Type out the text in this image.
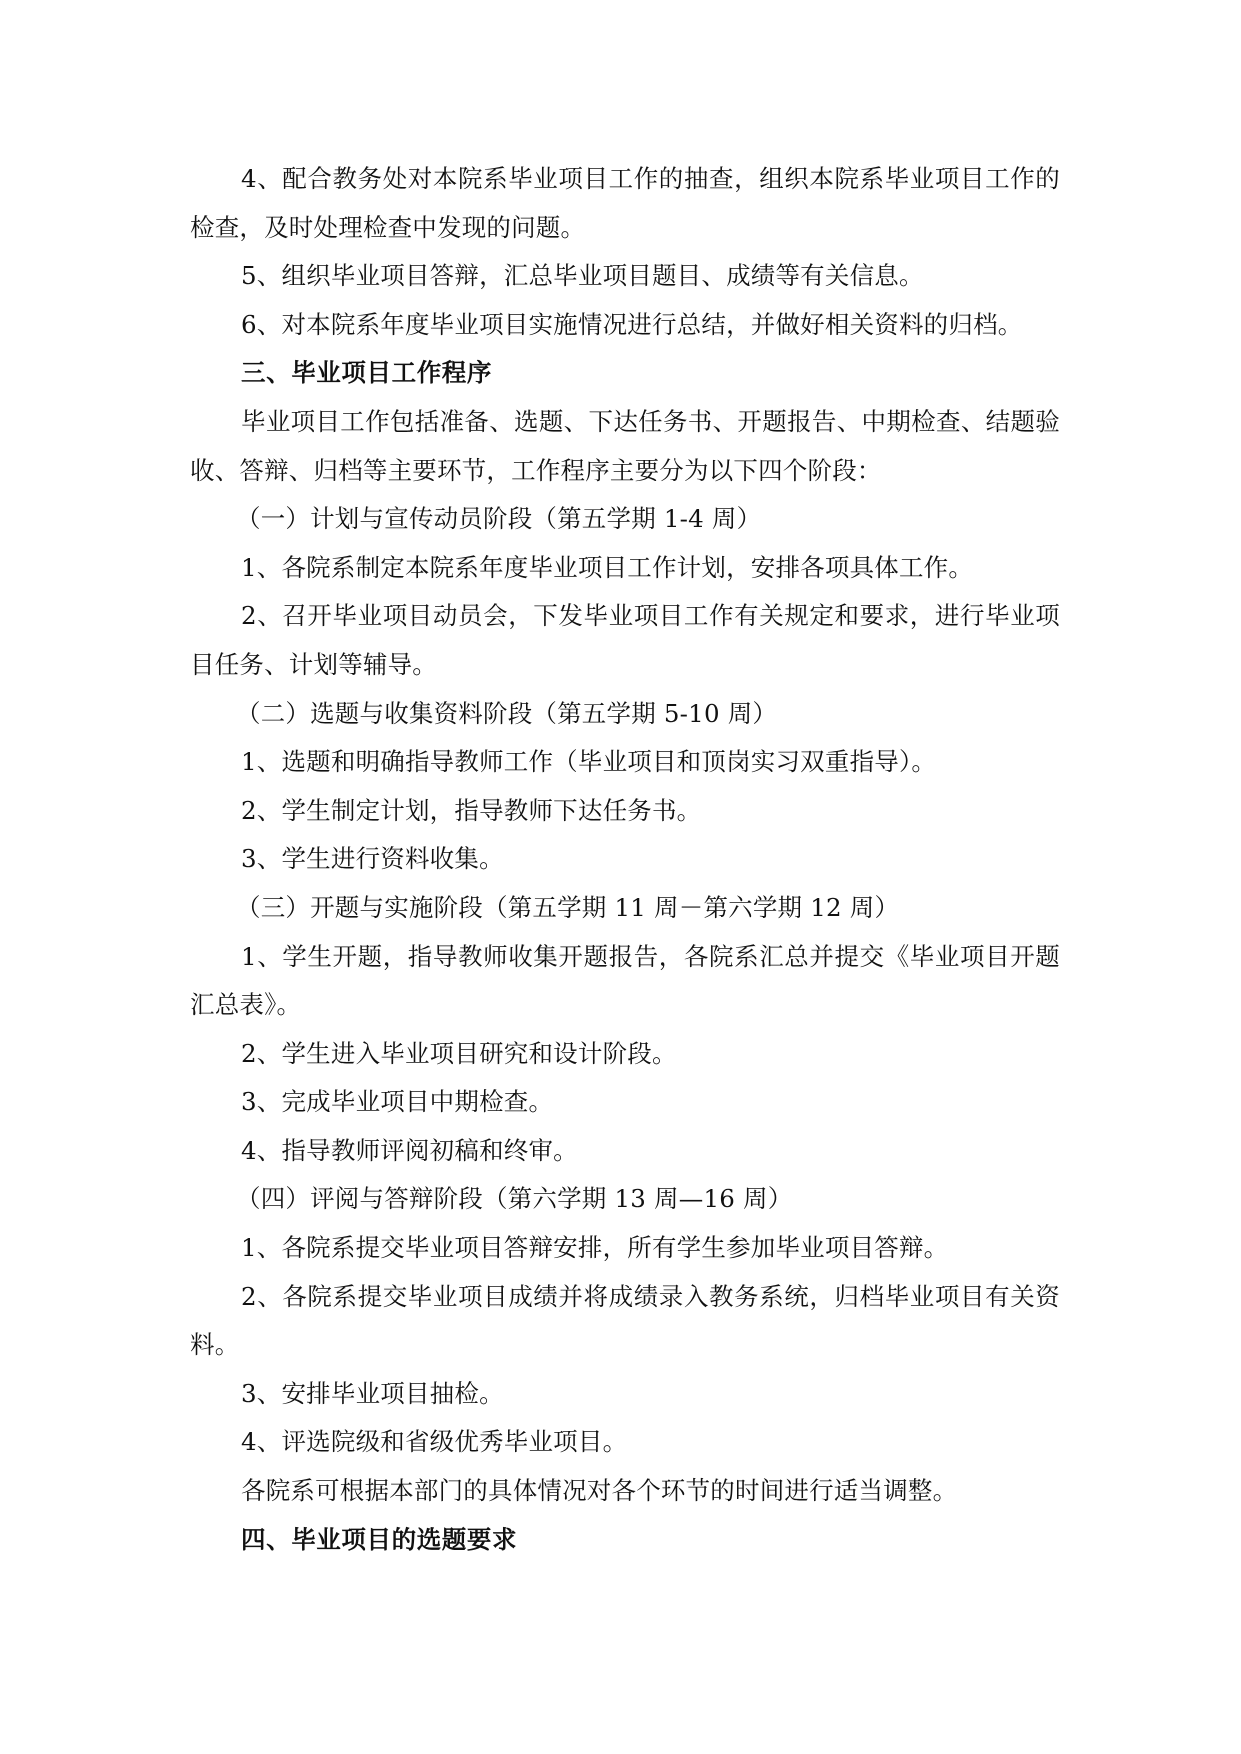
4、配合教务处对本院系毕业项目工作的抽查，组织本院系毕业项目工作的
检查，及时处理检查中发现的问题。
5、组织毕业项目答辩，汇总毕业项目题目、成绩等有关信息。
6、对本院系年度毕业项目实施情况进行总结，并做好相关资料的归档。
三、毕业项目工作程序
毕业项目工作包括准备、选题、下达任务书、开题报告、中期检查、结题验
收、答辩、归档等主要环节，工作程序主要分为以下四个阶段：
（一）计划与宣传动员阶段（第五学期 1-4 周）
1、各院系制定本院系年度毕业项目工作计划，安排各项具体工作。
2、召开毕业项目动员会，下发毕业项目工作有关规定和要求，进行毕业项
目任务、计划等辅导。
（二）选题与收集资料阶段（第五学期 5-10 周）
1、选题和明确指导教师工作（毕业项目和顶岗实习双重指导）。
2、学生制定计划，指导教师下达任务书。
3、学生进行资料收集。
（三）开题与实施阶段（第五学期 11 周－第六学期 12 周）
1、学生开题，指导教师收集开题报告，各院系汇总并提交《毕业项目开题
汇总表》。
2、学生进入毕业项目研究和设计阶段。
3、完成毕业项目中期检查。
4、指导教师评阅初稿和终审。
（四）评阅与答辩阶段（第六学期 13 周—16 周）
1、各院系提交毕业项目答辩安排，所有学生参加毕业项目答辩。
2、各院系提交毕业项目成绩并将成绩录入教务系统，归档毕业项目有关资
料。
3、安排毕业项目抽检。
4、评选院级和省级优秀毕业项目。
各院系可根据本部门的具体情况对各个环节的时间进行适当调整。
四、毕业项目的选题要求
